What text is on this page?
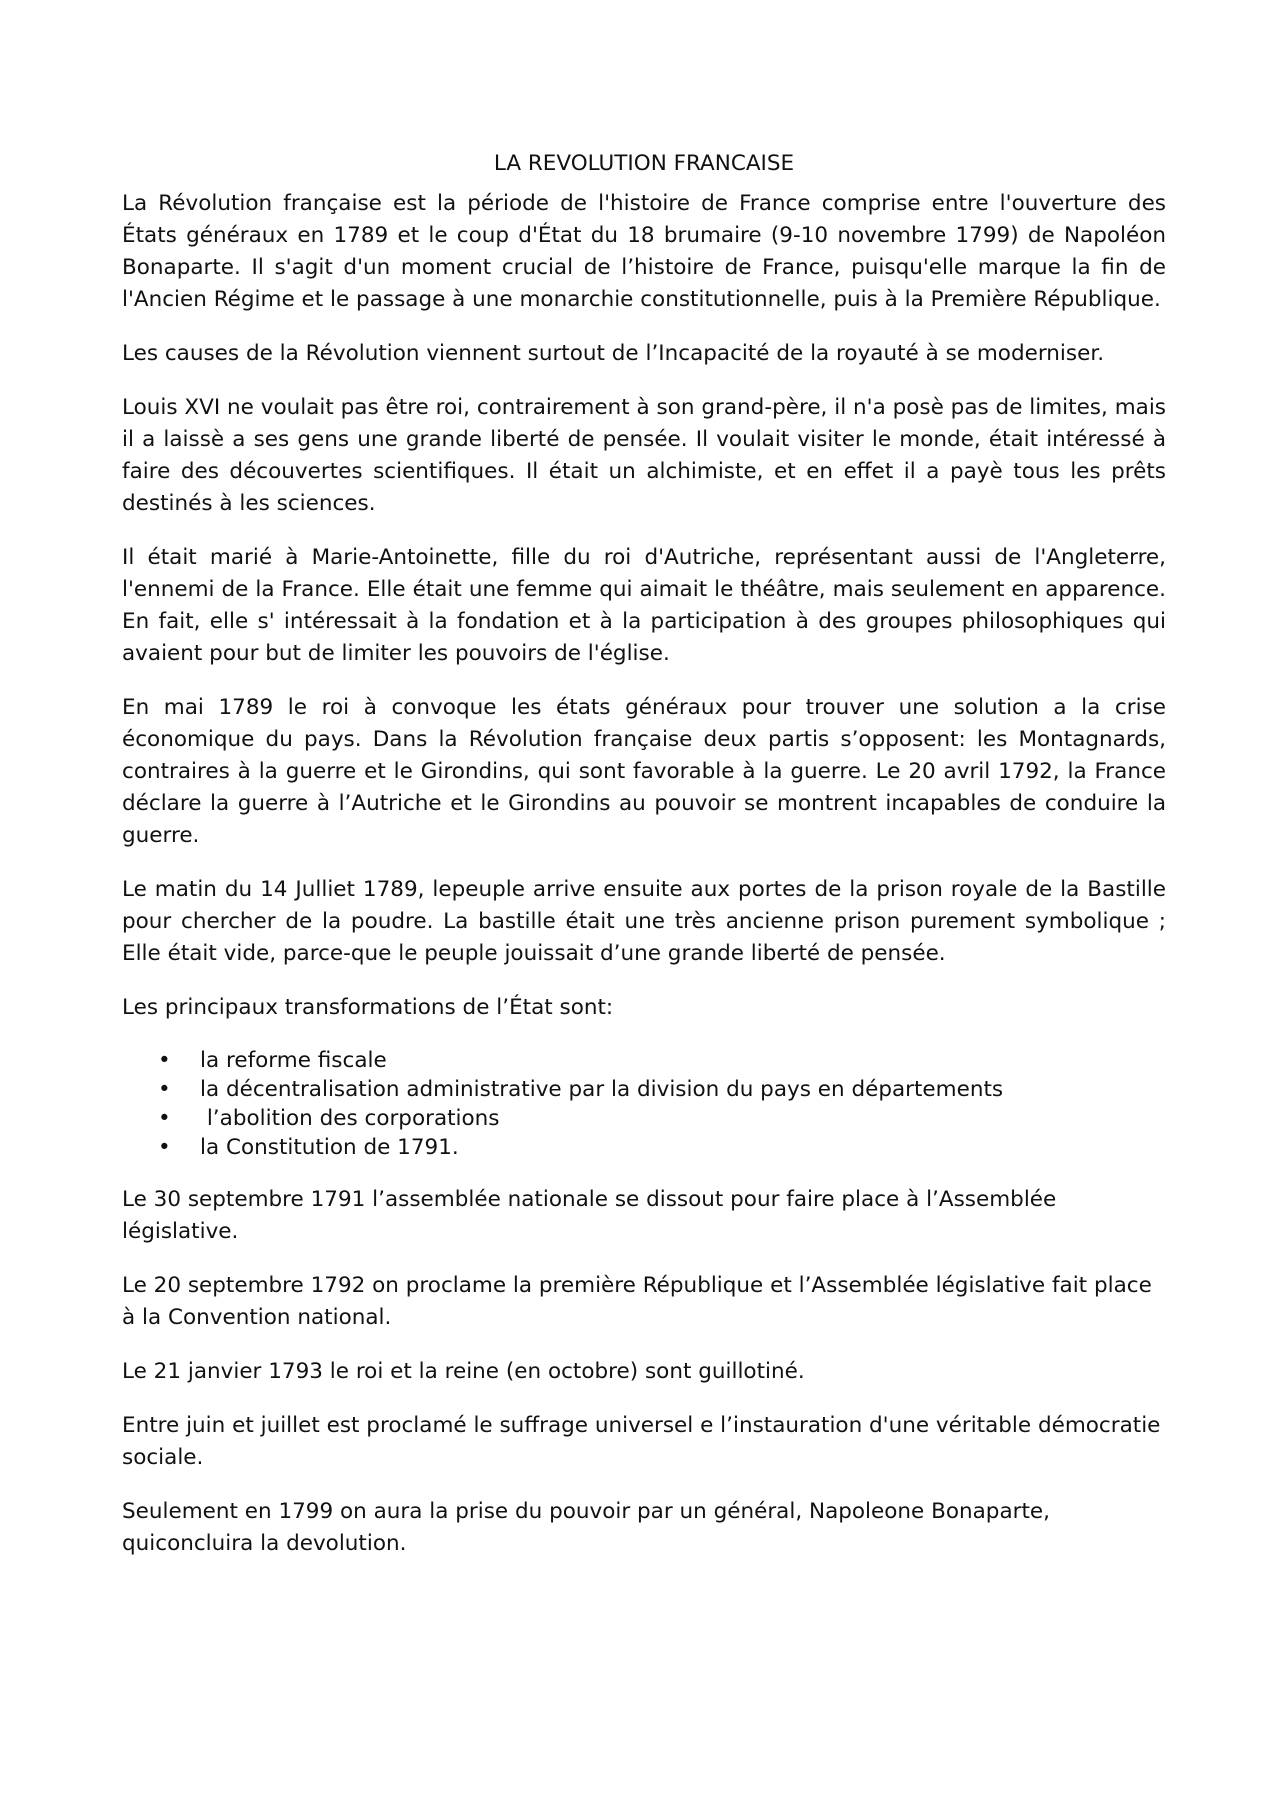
LA REVOLUTION FRANCAISE

La Révolution française est la période de l'histoire de France comprise entre l'ouverture des États généraux en 1789 et le coup d'État du 18 brumaire (9-10 novembre 1799) de Napoléon Bonaparte. Il s'agit d'un moment crucial de l’histoire de France, puisqu'elle marque la fin de l'Ancien Régime et le passage à une monarchie constitutionnelle, puis à la Première République.

Les causes de la Révolution viennent surtout de l’Incapacité de la royauté à se moderniser.

Louis XVI ne voulait pas être roi, contrairement à son grand-père, il n'a posè pas de limites, mais il a laissè a ses gens une grande liberté de pensée. Il voulait visiter le monde, était intéressé à faire des découvertes scientifiques. Il était un alchimiste, et en effet il a payè tous les prêts destinés à les sciences.

Il était marié à Marie-Antoinette, fille du roi d'Autriche, représentant aussi de l'Angleterre, l'ennemi de la France. Elle était une femme qui aimait le théâtre, mais seulement en apparence. En fait, elle s' intéressait à la fondation et à la participation à des groupes philosophiques qui avaient pour but de limiter les pouvoirs de l'église.

En mai 1789 le roi à convoque les états généraux pour trouver une solution a la crise économique du pays. Dans la Révolution française deux partis s’opposent: les Montagnards, contraires à la guerre et le Girondins, qui sont favorable à la guerre. Le 20 avril 1792, la France déclare la guerre à l’Autriche et le Girondins au pouvoir se montrent incapables de conduire la guerre.

Le matin du 14 Julliet 1789, lepeuple arrive ensuite aux portes de la prison royale de la Bastille pour chercher de la poudre. La bastille était une très ancienne prison purement symbolique ; Elle était vide, parce-que le peuple jouissait d’une grande liberté de pensée.

Les principaux transformations de l’État sont:

• la reforme fiscale
• la décentralisation administrative par la division du pays en départements
• l’abolition des corporations
• la Constitution de 1791.

Le 30 septembre 1791 l’assemblée nationale se dissout pour faire place à l’Assemblée législative.

Le 20 septembre 1792 on proclame la première République et l’Assemblée législative fait place à la Convention national.

Le 21 janvier 1793 le roi et la reine (en octobre) sont guillotiné.

Entre juin et juillet est proclamé le suffrage universel e l’instauration d'une véritable démocratie sociale.

Seulement en 1799 on aura la prise du pouvoir par un général, Napoleone Bonaparte, quiconcluira la devolution.
